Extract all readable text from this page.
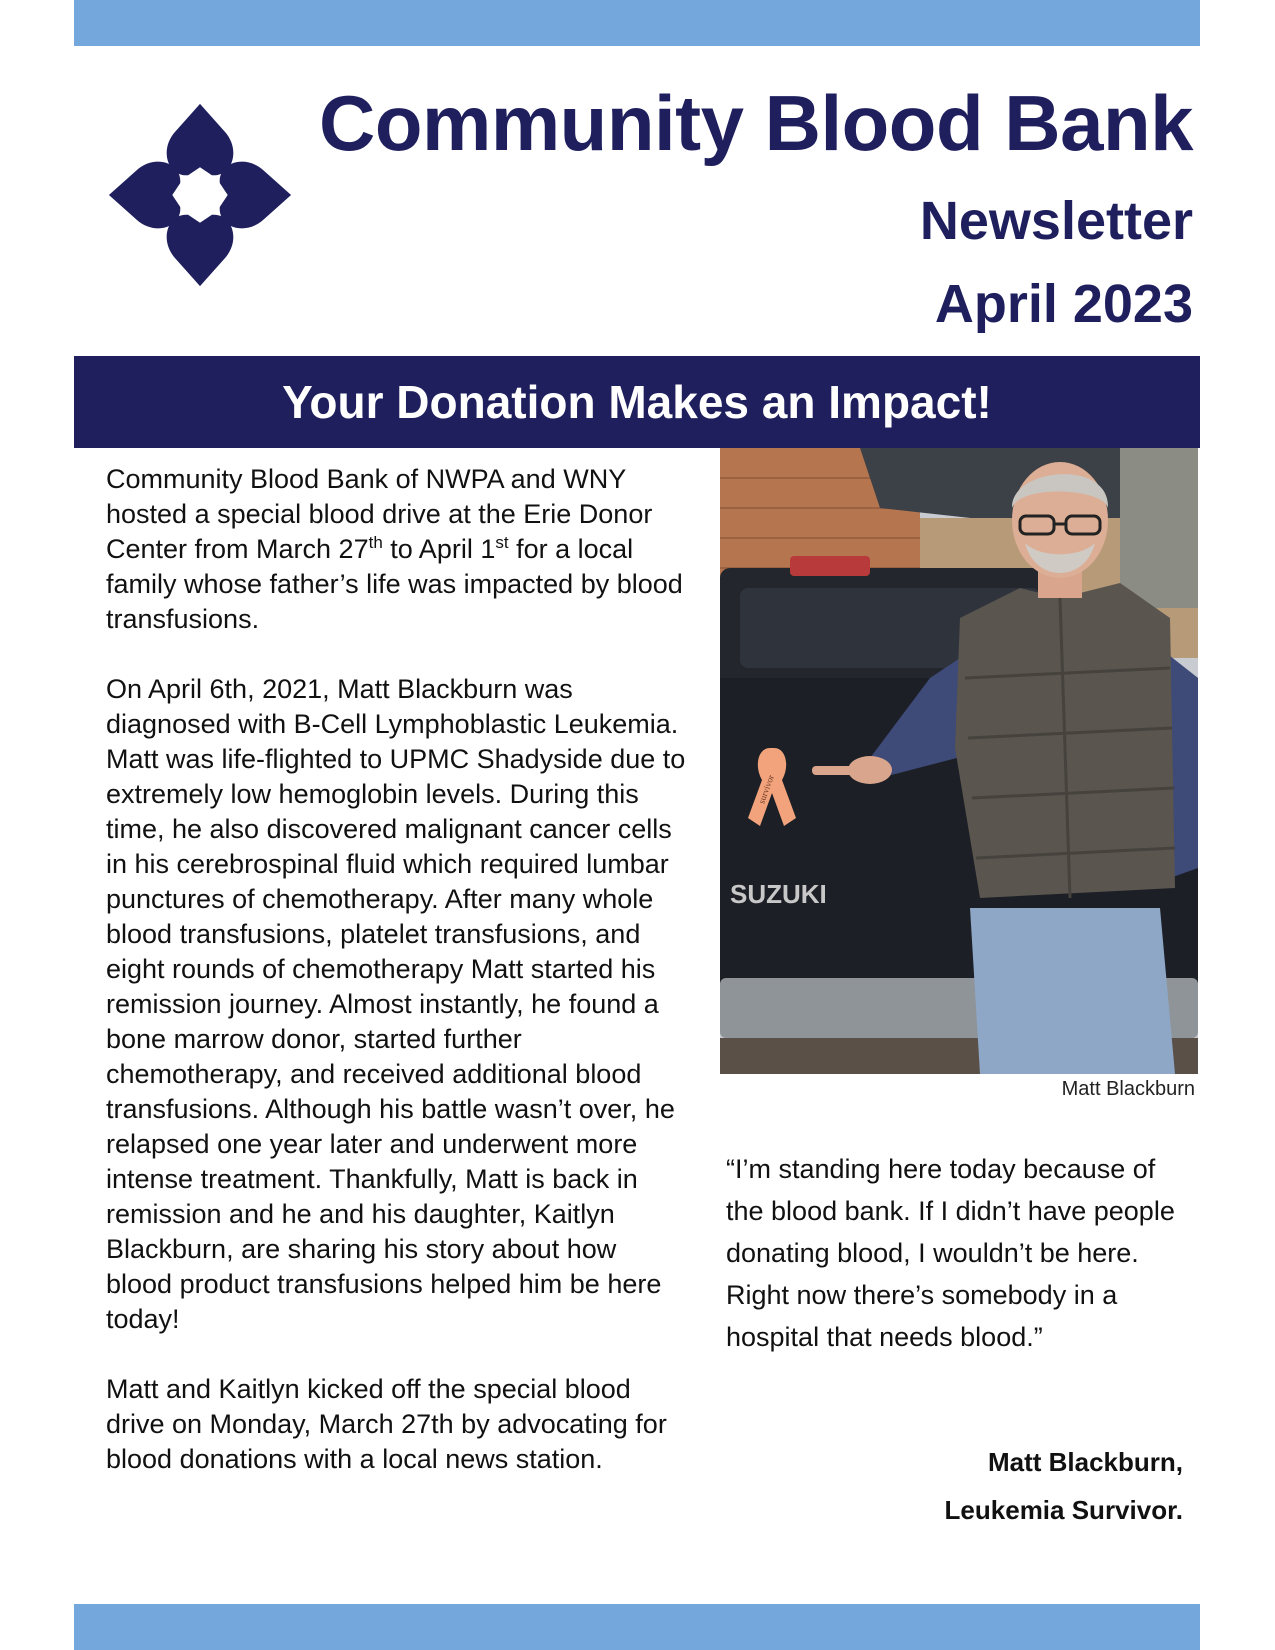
Community Blood Bank
Newsletter
April 2023
Your Donation Makes an Impact!

Community Blood Bank of NWPA and WNY hosted a special blood drive at the Erie Donor Center from March 27th to April 1st for a local family whose father’s life was impacted by blood transfusions.

On April 6th, 2021, Matt Blackburn was diagnosed with B-Cell Lymphoblastic Leukemia. Matt was life-flighted to UPMC Shadyside due to extremely low hemoglobin levels. During this time, he also discovered malignant cancer cells in his cerebrospinal fluid which required lumbar punctures of chemotherapy. After many whole blood transfusions, platelet transfusions, and eight rounds of chemotherapy Matt started his remission journey. Almost instantly, he found a bone marrow donor, started further chemotherapy, and received additional blood transfusions. Although his battle wasn’t over, he relapsed one year later and underwent more intense treatment. Thankfully, Matt is back in remission and he and his daughter, Kaitlyn Blackburn, are sharing his story about how blood product transfusions helped him be here today!

Matt and Kaitlyn kicked off the special blood drive on Monday, March 27th by advocating for blood donations with a local news station.

SUZUKI
survivor

Matt Blackburn

“I’m standing here today because of the blood bank. If I didn’t have people donating blood, I wouldn’t be here. Right now there’s somebody in a hospital that needs blood.”

Matt Blackburn,
Leukemia Survivor.
